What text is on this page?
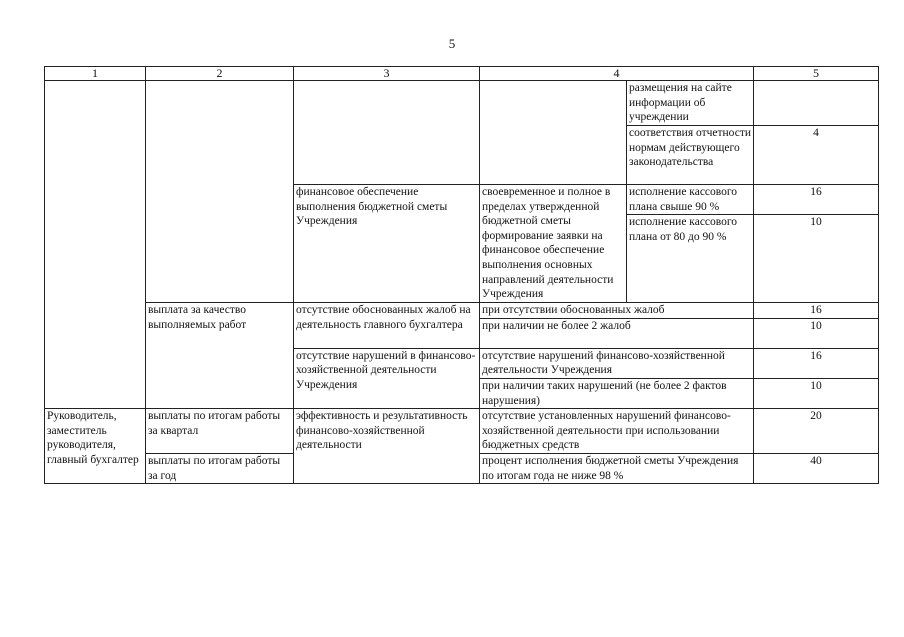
5
1	2	3	4		5
				размещения на сайте информации об учреждении	
				соответствия отчетности нормам действующего законодательства	4
		финансовое обеспечение выполнения бюджетной сметы Учреждения	своевременное и полное в пределах утвержденной бюджетной сметы формирование заявки на финансовое обеспечение выполнения основных направлений деятельности Учреждения	исполнение кассового плана свыше 90 %	16
				исполнение кассового плана от 80 до 90 %	10
	выплата за качество выполняемых работ	отсутствие обоснованных жалоб на деятельность главного бухгалтера	при отсутствии обоснованных жалоб		16
			при наличии не более 2 жалоб		10
		отсутствие нарушений в финансово-хозяйственной деятельности Учреждения	отсутствие нарушений финансово-хозяйственной деятельности Учреждения		16
			при наличии таких нарушений (не более 2 фактов нарушения)		10
Руководитель, заместитель руководителя, главный бухгалтер	выплаты по итогам работы за квартал	эффективность и результативность финансово-хозяйственной деятельности	отсутствие установленных нарушений финансово-хозяйственной деятельности при использовании бюджетных средств		20
	выплаты по итогам работы за год		процент исполнения бюджетной сметы Учреждения по итогам года не ниже 98 %		40
